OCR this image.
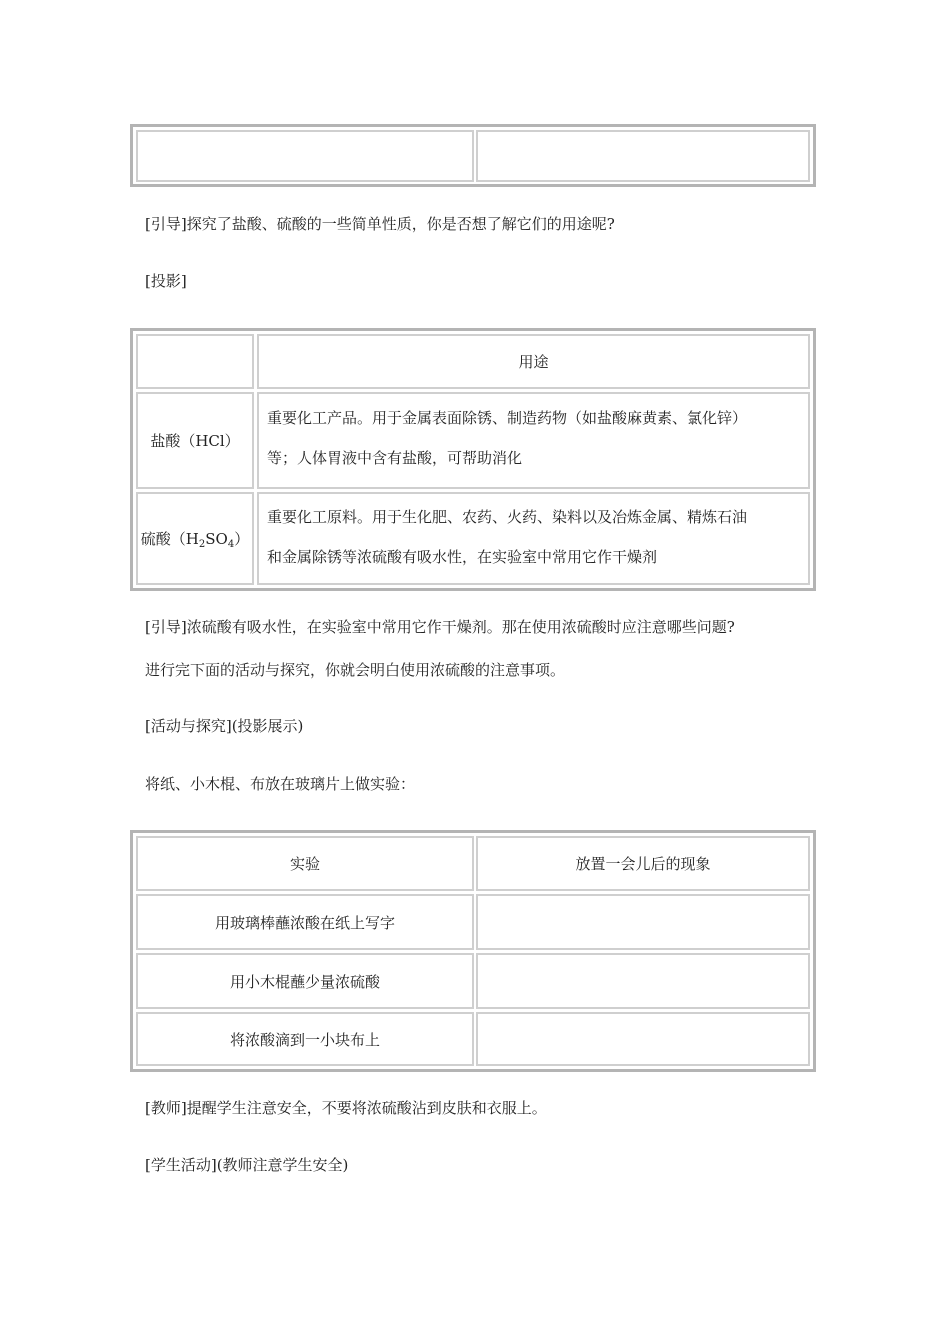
[引导]探究了盐酸、硫酸的一些简单性质，你是否想了解它们的用途呢?
[投影]
用途
盐酸（HCl）
重要化工产品。用于金属表面除锈、制造药物（如盐酸麻黄素、氯化锌）
等；人体胃液中含有盐酸，可帮助消化
硫酸$(H_2SO_4)$
重要化工原料。用于生化肥、农药、火药、染料以及冶炼金属、精炼石油
和金属除锈等浓硫酸有吸水性，在实验室中常用它作干燥剂
[引导]浓硫酸有吸水性，在实验室中常用它作干燥剂。那在使用浓硫酸时应注意哪些问题?
进行完下面的活动与探究，你就会明白使用浓硫酸的注意事项。
[活动与探究](投影展示)
将纸、小木棍、布放在玻璃片上做实验：
实验	放置一会儿后的现象
用玻璃棒蘸浓酸在纸上写字
用小木棍蘸少量浓硫酸
将浓酸滴到一小块布上
[教师]提醒学生注意安全，不要将浓硫酸沾到皮肤和衣服上。
[学生活动](教师注意学生安全)
